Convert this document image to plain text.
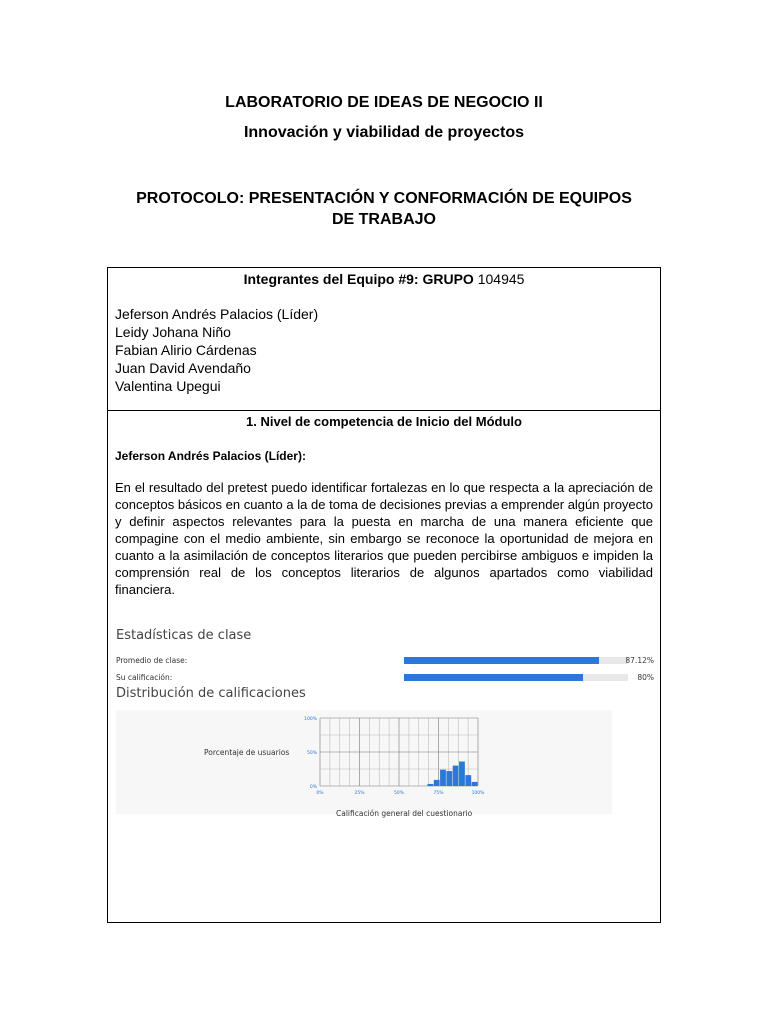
LABORATORIO DE IDEAS DE NEGOCIO II
Innovación y viabilidad de proyectos
PROTOCOLO: PRESENTACIÓN Y CONFORMACIÓN DE EQUIPOS
DE TRABAJO
Integrantes del Equipo #9: GRUPO 104945
Jeferson Andrés Palacios (Líder)
Leidy Johana Niño
Fabian Alirio Cárdenas
Juan David Avendaño
Valentina Upegui
1. Nivel de competencia de Inicio del Módulo
Jeferson Andrés Palacios (Líder):
En el resultado del pretest puedo identificar fortalezas en lo que respecta a la apreciación de conceptos básicos en cuanto a la de toma de decisiones previas a emprender algún proyecto y definir aspectos relevantes para la puesta en marcha de una manera eficiente que compagine con el medio ambiente, sin embargo se reconoce la oportunidad de mejora en cuanto a la asimilación de conceptos literarios que pueden percibirse ambiguos e impiden la comprensión real de los conceptos literarios de algunos apartados como viabilidad financiera.
Estadísticas de clase
Promedio de clase:	87.12%
Su calificación:	80%
Distribución de calificaciones
Porcentaje de usuarios
Calificación general del cuestionario
100%
50%
0%
0%	25%	50%	75%	100%
